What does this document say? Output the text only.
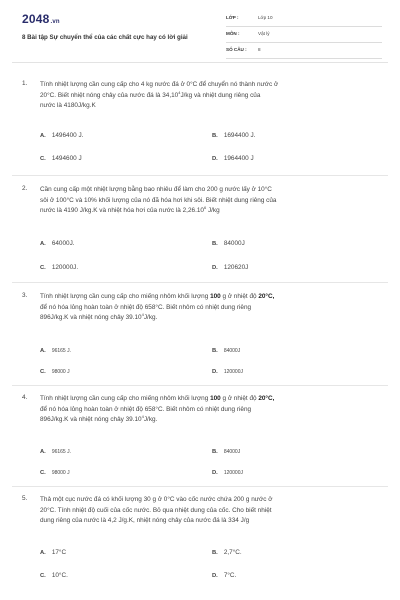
2048.vn
8 Bài tập Sự chuyển thể của các chất cực hay có lời giải
LỚP :	Lớp 10
MÔN :	Vật lý
SỐ CÂU : 8
1. Tính nhiệt lượng cần cung cấp cho 4 kg nước đá ở 0°C để chuyển nó thành nước ở
20°C. Biết nhiệt nóng chảy của nước đá là 34,10$^4$J/kg và nhiệt dung riêng của
nước là 4180J/kg.K

A. 1496400 J.	B. 1694400 J.
C. 1494600 J	D. 1964400 J
2. Cần cung cấp một nhiệt lượng bằng bao nhiêu để làm cho 200 g nước lấy ở 10°C
sôi ở 100°C và 10% khối lượng của nó đã hóa hơi khi sôi. Biết nhiệt dung riêng của
nước là 4190 J/kg.K và nhiệt hóa hơi của nước là 2,26.10$^6$ J/kg

A. 64000J.	B. 84000J
C. 120000J.	D. 120620J
3. Tính nhiệt lượng cần cung cấp cho miếng nhôm khối lượng 100 g ở nhiệt độ 20°C,
để nó hóa lỏng hoàn toàn ở nhiệt độ 658°C. Biết nhôm có nhiệt dung riêng
896J/kg.K và nhiệt nóng chảy 39.10$^4$J/kg.

A. 96165 J.	B. 84000J
C. 98000 J	D. 120000J
4. Tính nhiệt lượng cần cung cấp cho miếng nhôm khối lượng 100 g ở nhiệt độ 20°C,
để nó hóa lỏng hoàn toàn ở nhiệt độ 658°C. Biết nhôm có nhiệt dung riêng
896J/kg.K và nhiệt nóng chảy 39.10$^4$J/kg.

A. 96165 J.	B. 84000J
C. 98000 J	D. 120000J
5. Thả một cục nước đá có khối lượng 30 g ở 0°C vào cốc nước chứa 200 g nước ở
20°C. Tính nhiệt độ cuối của cốc nước. Bỏ qua nhiệt dung của cốc. Cho biết nhiệt
dung riêng của nước là 4,2 J/g.K, nhiệt nóng chảy của nước đá là 334 J/g

A. 17°C	B. 2,7°C.
C. 10°C.	D. 7°C.
